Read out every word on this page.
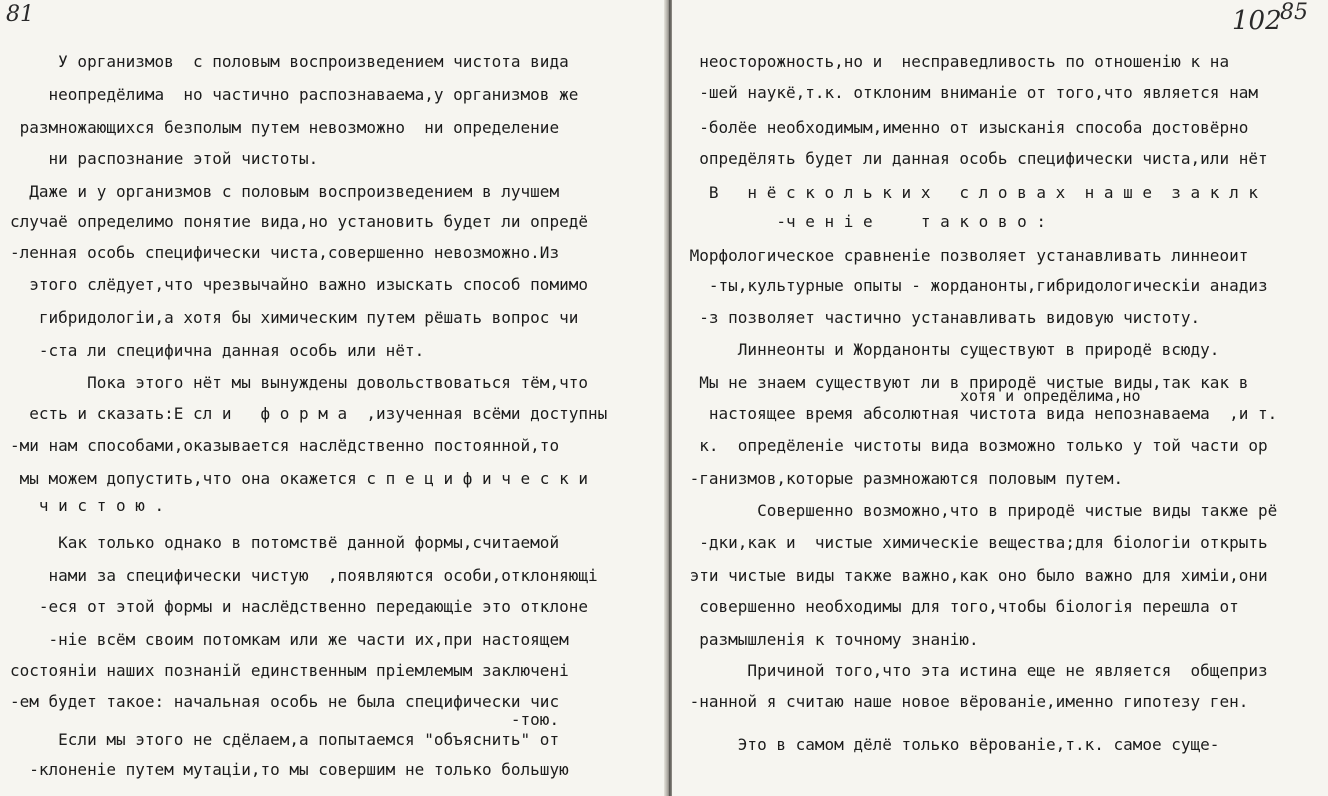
81
У организмов  с половым воспроизведением чистота вида
неопредёлима  но частично распознаваема,у организмов же
размножающихся безполым путем невозможно  ни определение
ни распознание этой чистоты.
Даже и у организмов с половым воспроизведением в лучшем
случаё определимо понятие вида,но установить будет ли опредё
-ленная особь специфически чиста,совершенно невозможно.Из
этого слёдует,что чрезвычайно важно изыскать способ помимо
гибридологіи,а хотя бы химическим путем рёшать вопрос чи
-ста ли специфична данная особь или нёт.
Пока этого нёт мы вынуждены довольствоваться тём,что
есть и сказать:Е сл и   ф о р м а  ,изученная всёми доступны
-ми нам способами,оказывается наслёдственно постоянной,то
мы можем допустить,что она окажется с п е ц и ф и ч е с к и
ч и с т о ю .
Как только однако в потомствё данной формы,считаемой
нами за специфически чистую  ,появляются особи,отклоняющі
-еся от этой формы и наслёдственно передающіе это отклоне
-ніе всём своим потомкам или же части их,при настоящем
состояніи наших познаній единственным пріемлемым заключені
-ем будет такое: начальная особь не была специфически чис
-тою.
Если мы этого не сдёлаем,а попытаемся "объяснить" от
-клоненіе путем мутаціи,то мы совершим не только большую
102
85
неосторожность,но и  несправедливость по отношенію к на
-шей наукё,т.к. отклоним вниманіе от того,что является нам
-болёе необходимым,именно от изысканія способа достовёрно
опредёлять будет ли данная особь специфически чиста,или нёт
В   н ё с к о л ь к и х   с л о в а х  н а ш е  з а к л к
-ч е н і е     т а к о в о :
Морфологическое сравненіе позволяет устанавливать линнеоит
-ты,культурные опыты - жорданонты,гибридологическіи анадиз
-з позволяет частично устанавливать видовую чистоту.
Линнеонты и Жорданонты существуют в природё всюду.
Мы не знаем существуют ли в природё чистые виды,так как в
хотя и опредёлима,но
настоящее время абсолютная чистота вида непознаваема  ,и т.
к.  опредёленіе чистоты вида возможно только у той части ор
-ганизмов,которые размножаются половым путем.
Совершенно возможно,что в природё чистые виды также рё
-дки,как и  чистые химическіе вещества;для біологіи открыть
эти чистые виды также важно,как оно было важно для химіи,они
совершенно необходимы для того,чтобы біологія перешла от
размышленія к точному знанію.
Причиной того,что эта истина еще не является  общеприз
-нанной я считаю наше новое вёрованіе,именно гипотезу ген.
Это в самом дёлё только вёрованіе,т.к. самое суще-
